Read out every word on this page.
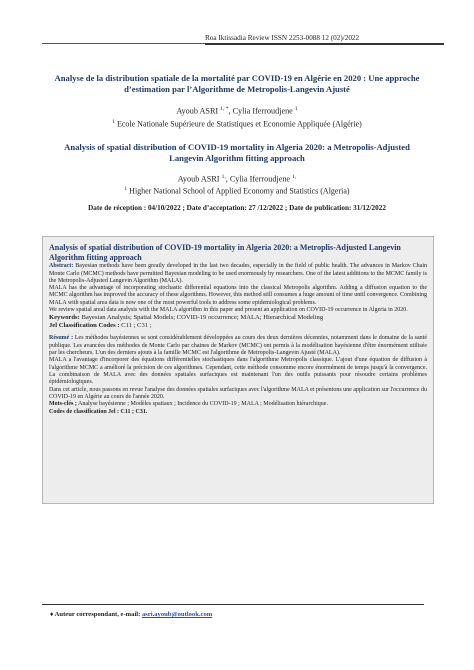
Roa Iktissadia Review ISSN 2253-0088 12 (02)/2022
Analyse de la distribution spatiale de la mortalité par COVID-19 en Algérie en 2020 : Une approche d’estimation par l’Algorithme de Metropolis-Langevin Ajusté
Ayoub ASRI $^{1, *}$, Cylia Iferroudjene $^1$
$^1$ Ecole Nationale Supérieure de Statistiques et Economie Appliquée (Algérie)
Analysis of spatial distribution of COVID-19 mortality in Algeria 2020: a Metropolis-Adjusted Langevin Algorithm fitting approach
Ayoub ASRI $^{1,}$, Cylia Iferroudjene $^{1,}$
$^1$ Higher National School of Applied Economy and Statistics (Algeria)
Date de réception : 04/10/2022 ; Date d’acceptation: 27 /12/2022 ; Date de publication: 31/12/2022
Analysis of spatial distribution of COVID-19 mortality in Algeria 2020: a Metroplis-Adjusted Langevin Algorithm fitting approach

Abstract: Bayesian methods have been greatly developed in the last two decades, especially in the field of public health. The advances in Markov Chain Monte Carlo (MCMC) methods have permitted Bayesian modeling to be used enormously by researchers. One of the latest additions to the MCMC family is the Metropolis-Adjusted Langevin Algorithm (MALA).

MALA has the advantage of incorporating stochastic differential equations into the classical Metropolis algorithm. Adding a diffusion equation to the MCMC algorithm has improved the accuracy of these algorithms. However, this method still consumes a huge amount of time until convergence. Combining MALA with spatial area data is now one of the most powerful tools to address some epidemiological problems.

We review spatial areal data analysis with the MALA algorithm in this paper and present an application on COVID-19 occurrence in Algeria in 2020.

Keywords: Bayesian Analysis; Spatial Models; COVID-19 occurrence; MALA; Hierarchical Modeling

Jel Classification Codes : C11 ; C31 ;

Résumé : Les méthodes bayésiennes se sont considérablement développées au cours des deux dernières décennies, notamment dans le domaine de la santé publique. Les avancées des méthodes de Monte Carlo par chaines de Markov (MCMC) ont permis à la modélisation bayésienne d'être énormément utilisée par les chercheurs. L'un des derniers ajouts à la famille MCMC est l'algorithme de Metropolis-Langevin Ajusté (MALA).

MALA a l'avantage d'incorporer des équations différentielles stochastiques dans l'algorithme Metropolis classique. L'ajout d'une équation de diffusion à l'algorithme MCMC a amélioré la précision de ces algorithmes. Cependant, cette méthode consomme encore énormément de temps jusqu'à la convergence. La combinaison de MALA avec des données spatiales surfaciques est maintenant l'un des outils puissants pour résoudre certains problèmes épidémiologiques.

Dans cet article, nous passons en revue l'analyse des données spatiales surfaciques avec l'algorithme MALA et présentons une application sur l'occurrence du COVID-19 en Algérie au cours de l'année 2020.

Mots-clés ; Analyse bayésienne ; Modèles spatiaux ; Incidence du COVID-19 ; MALA ; Modélisation hiérarchique.

Codes de classification Jel : C11 ; C31.

♦ Auteur correspondant, e-mail: asri.ayoub@outlook.com
